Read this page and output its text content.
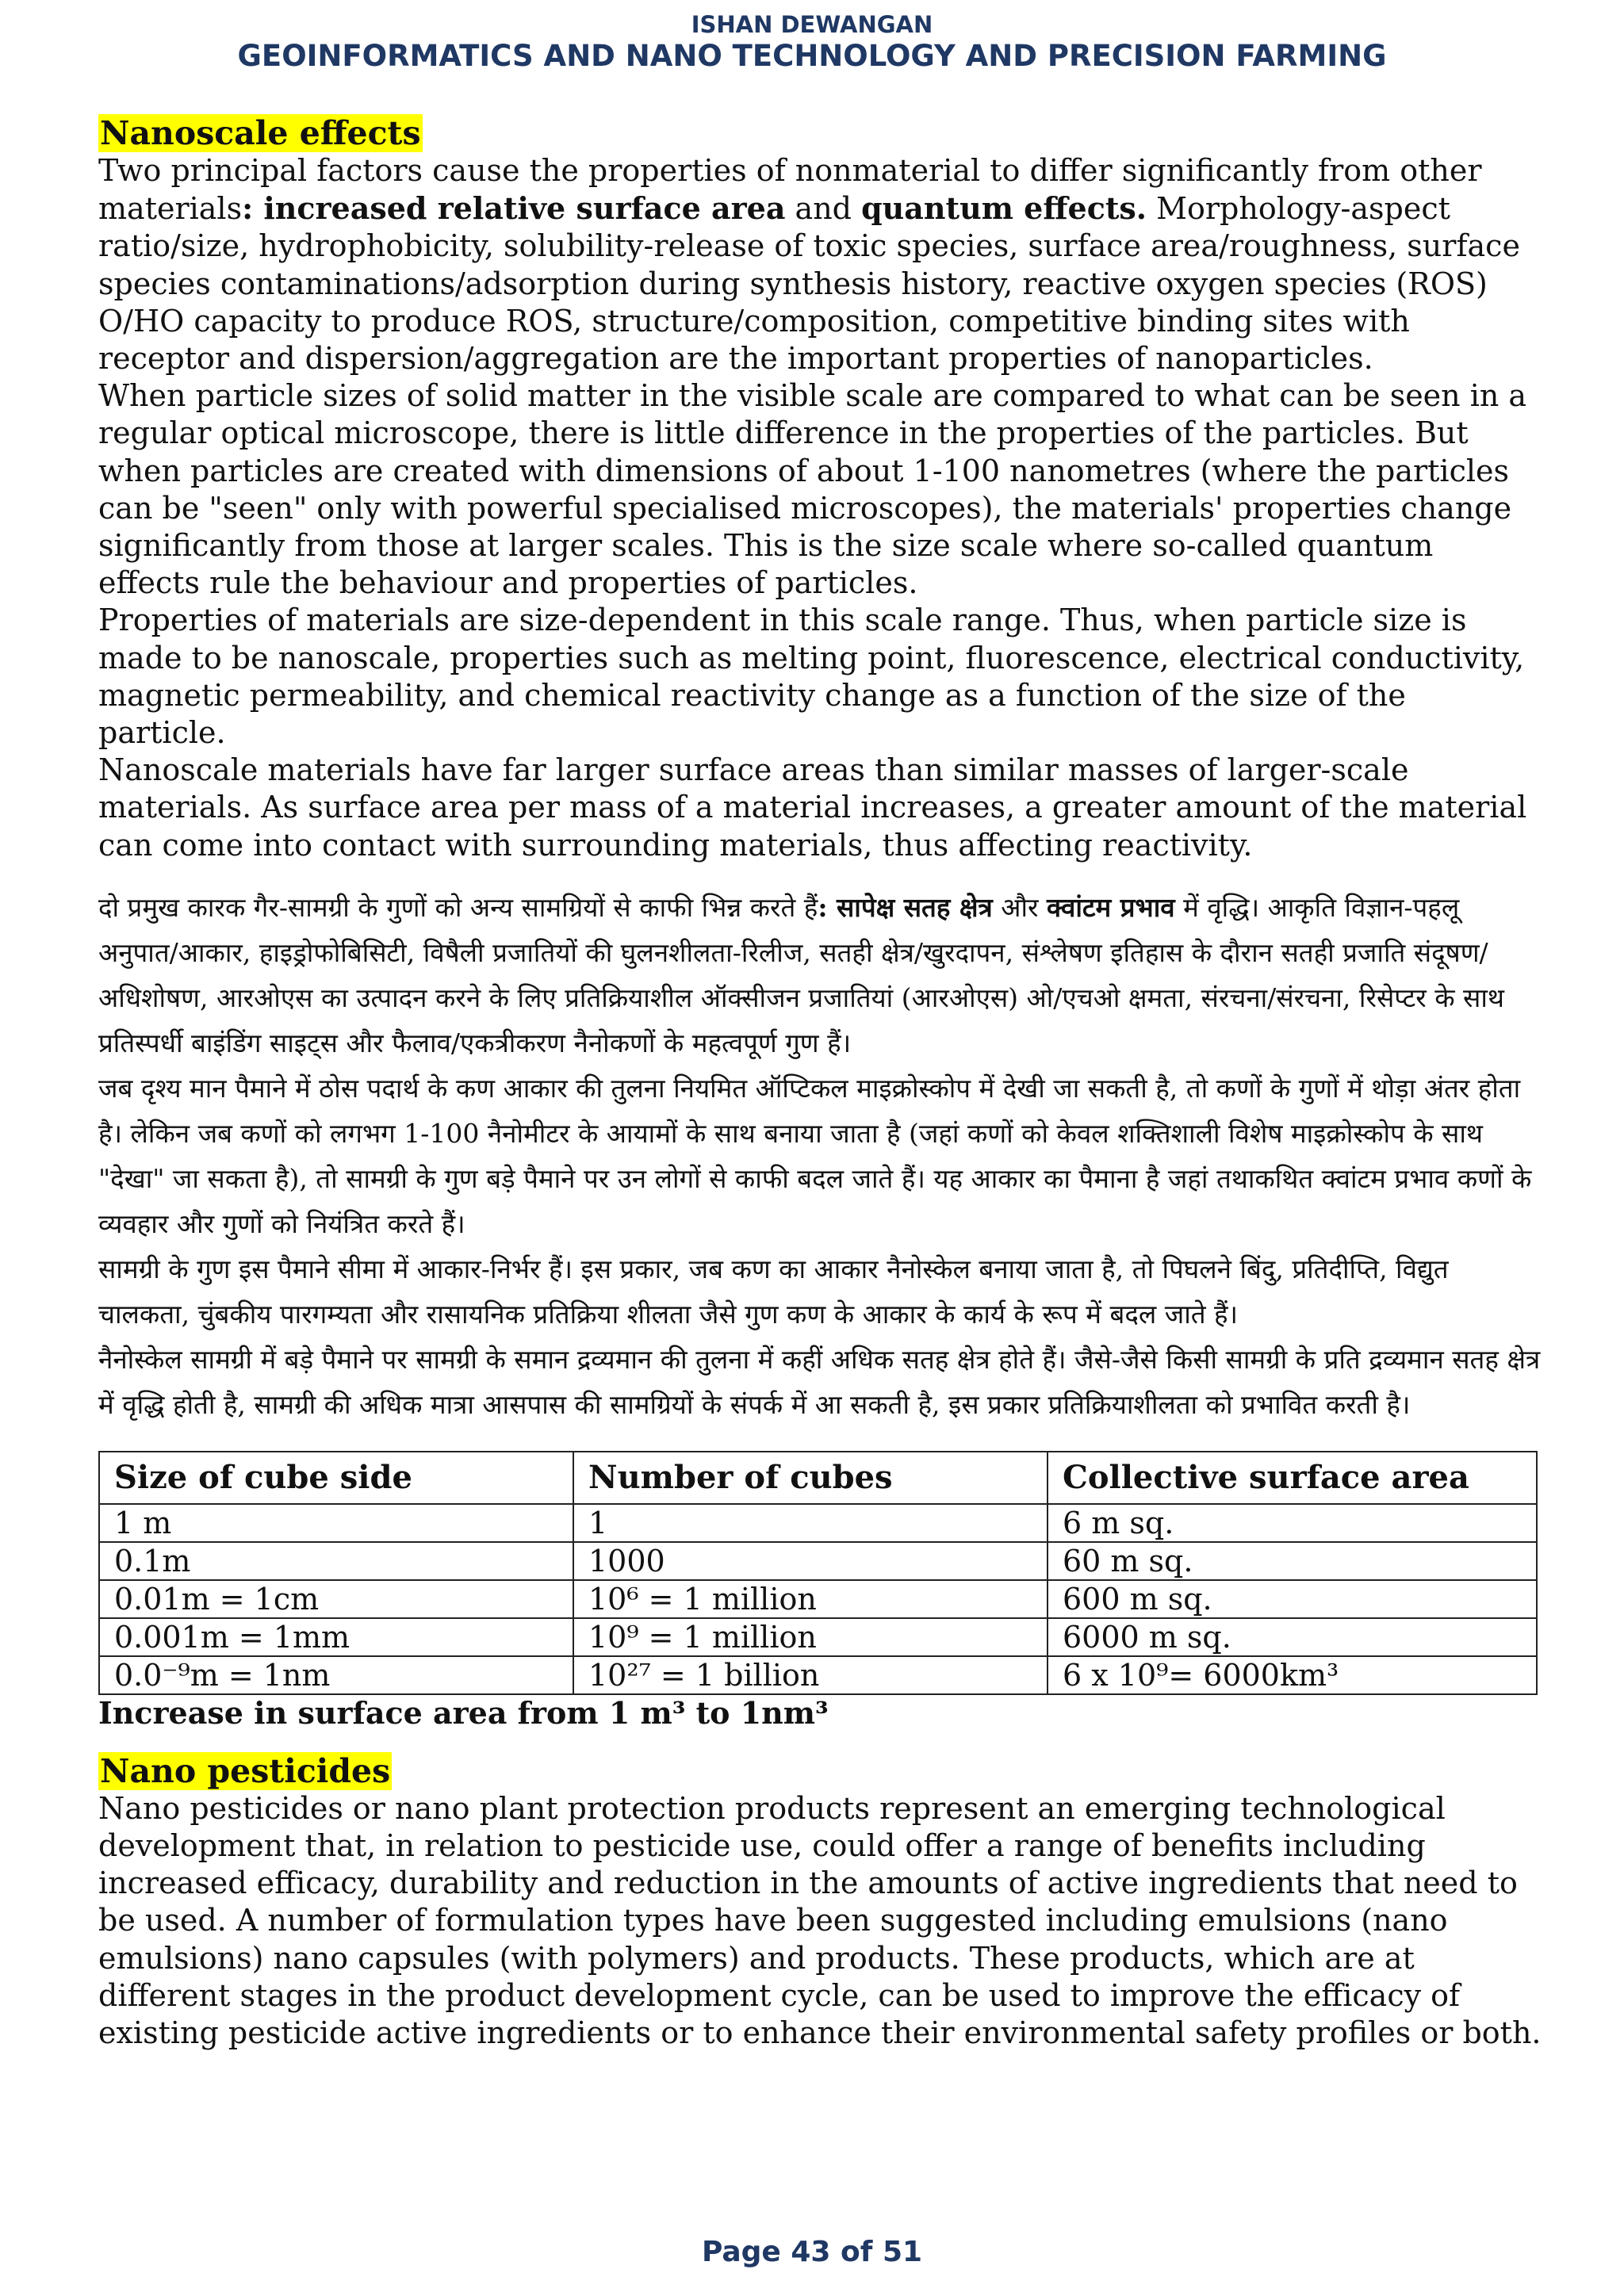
ISHAN DEWANGAN
GEOINFORMATICS AND NANO TECHNOLOGY AND PRECISION FARMING
Nanoscale effects

Two principal factors cause the properties of nonmaterial to differ significantly from other materials: increased relative surface area and quantum effects. Morphology-aspect ratio/size, hydrophobicity, solubility-release of toxic species, surface area/roughness, surface species contaminations/adsorption during synthesis history, reactive oxygen species (ROS) O/HO capacity to produce ROS, structure/composition, competitive binding sites with receptor and dispersion/aggregation are the important properties of nanoparticles.

When particle sizes of solid matter in the visible scale are compared to what can be seen in a regular optical microscope, there is little difference in the properties of the particles. But when particles are created with dimensions of about 1-100 nanometres (where the particles can be "seen" only with powerful specialised microscopes), the materials' properties change significantly from those at larger scales. This is the size scale where so-called quantum effects rule the behaviour and properties of particles.

Properties of materials are size-dependent in this scale range. Thus, when particle size is made to be nanoscale, properties such as melting point, fluorescence, electrical conductivity, magnetic permeability, and chemical reactivity change as a function of the size of the particle.

Nanoscale materials have far larger surface areas than similar masses of larger-scale materials. As surface area per mass of a material increases, a greater amount of the material can come into contact with surrounding materials, thus affecting reactivity.

दो प्रमुख कारक गैर-सामग्री के गुणों को अन्य सामग्रियों से काफी भिन्न करते हैं: सापेक्ष सतह क्षेत्र और क्वांटम प्रभाव में वृद्धि। आकृति विज्ञान-पहलू अनुपात/आकार, हाइड्रोफोबिसिटी, विषैली प्रजातियों की घुलनशीलता-रिलीज, सतही क्षेत्र/खुरदापन, संश्लेषण इतिहास के दौरान सतही प्रजाति संदूषण/अधिशोषण, आरओएस का उत्पादन करने के लिए प्रतिक्रियाशील ऑक्सीजन प्रजातियां (आरओएस) ओ/एचओ क्षमता, संरचना/संरचना, रिसेप्टर के साथ प्रतिस्पर्धी बाइंडिंग साइट्स और फैलाव/एकत्रीकरण नैनोकणों के महत्वपूर्ण गुण हैं।

जब दृश्य मान पैमाने में ठोस पदार्थ के कण आकार की तुलना नियमित ऑप्टिकल माइक्रोस्कोप में देखी जा सकती है, तो कणों के गुणों में थोड़ा अंतर होता है। लेकिन जब कणों को लगभग 1-100 नैनोमीटर के आयामों के साथ बनाया जाता है (जहां कणों को केवल शक्तिशाली विशेष माइक्रोस्कोप के साथ "देखा" जा सकता है), तो सामग्री के गुण बड़े पैमाने पर उन लोगों से काफी बदल जाते हैं। यह आकार का पैमाना है जहां तथाकथित क्वांटम प्रभाव कणों के व्यवहार और गुणों को नियंत्रित करते हैं।

सामग्री के गुण इस पैमाने सीमा में आकार-निर्भर हैं। इस प्रकार, जब कण का आकार नैनोस्केल बनाया जाता है, तो पिघलने बिंदु, प्रतिदीप्ति, विद्युत चालकता, चुंबकीय पारगम्यता और रासायनिक प्रतिक्रिया शीलता जैसे गुण कण के आकार के कार्य के रूप में बदल जाते हैं।

नैनोस्केल सामग्री में बड़े पैमाने पर सामग्री के समान द्रव्यमान की तुलना में कहीं अधिक सतह क्षेत्र होते हैं। जैसे-जैसे किसी सामग्री के प्रति द्रव्यमान सतह क्षेत्र में वृद्धि होती है, सामग्री की अधिक मात्रा आसपास की सामग्रियों के संपर्क में आ सकती है, इस प्रकार प्रतिक्रियाशीलता को प्रभावित करती है।

Size of cube side	Number of cubes	Collective surface area
1 m	1	6 m sq.
0.1m	1000	60 m sq.
0.01m = 1cm	10⁶ = 1 million	600 m sq.
0.001m = 1mm	10⁹ = 1 million	6000 m sq.
0.0⁻⁹m = 1nm	10²⁷ = 1 billion	6 x 10⁹= 6000km³
Increase in surface area from 1 m³ to 1nm³
Nano pesticides

Nano pesticides or nano plant protection products represent an emerging technological development that, in relation to pesticide use, could offer a range of benefits including increased efficacy, durability and reduction in the amounts of active ingredients that need to be used. A number of formulation types have been suggested including emulsions (nano emulsions) nano capsules (with polymers) and products. These products, which are at different stages in the product development cycle, can be used to improve the efficacy of existing pesticide active ingredients or to enhance their environmental safety profiles or both.

Page 43 of 51
